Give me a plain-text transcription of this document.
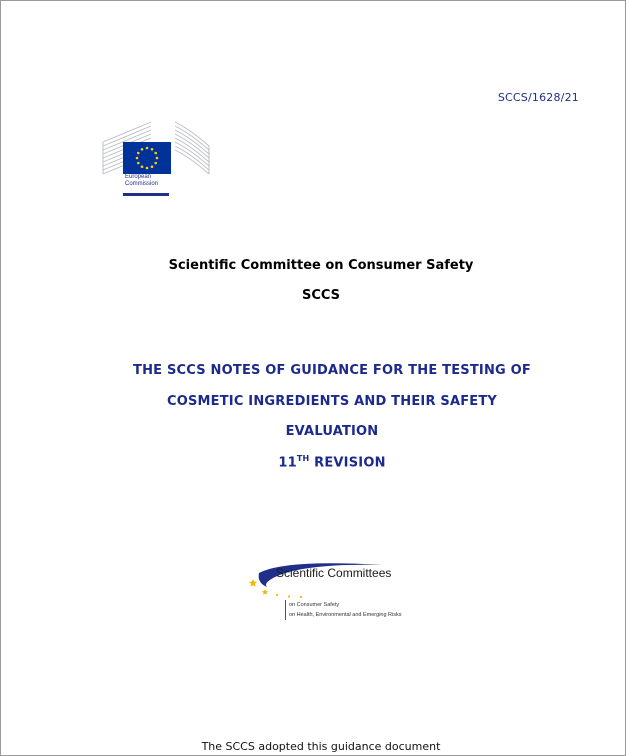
SCCS/1628/21
European
Commission
Scientific Committee on Consumer Safety
SCCS
THE SCCS NOTES OF GUIDANCE FOR THE TESTING OF
COSMETIC INGREDIENTS AND THEIR SAFETY
EVALUATION
11TH REVISION
Scientific Committees
on Consumer Safety
on Health, Environmental and Emerging Risks
The SCCS adopted this guidance document
